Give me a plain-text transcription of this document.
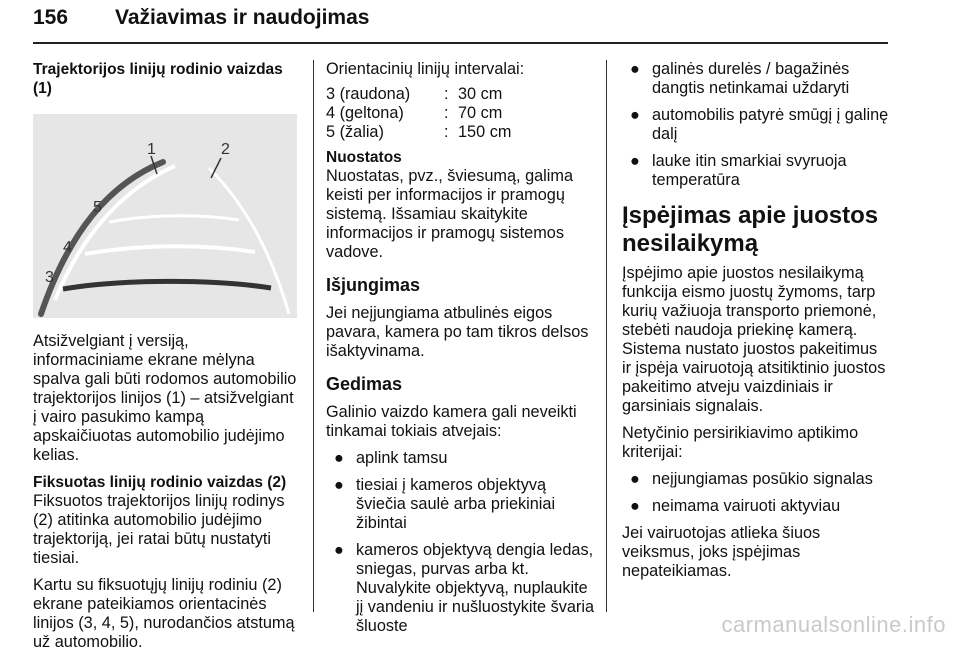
156 Važiavimas ir naudojimas

Trajektorijos linijų rodinio vaizdas (1)

1	2
3
4
5

Atsižvelgiant į versiją, informaciniame ekrane mėlyna spalva gali būti rodomos automobilio trajektorijos linijos (1) – atsižvelgiant į vairo pasukimo kampą apskaičiuotas automobilio judėjimo kelias.

Fiksuotas linijų rodinio vaizdas (2)

Fiksuotos trajektorijos linijų rodinys (2) atitinka automobilio judėjimo trajektoriją, jei ratai būtų nustatyti tiesiai.

Kartu su fiksuotųjų linijų rodiniu (2) ekrane pateikiamos orientacinės linijos (3, 4, 5), nurodančios atstumą už automobilio.

Orientacinių linijų intervalai:

3 (raudona)	:	30 cm
4 (geltona)	:	70 cm
5 (žalia)	:	150 cm

Nuostatos

Nuostatas, pvz., šviesumą, galima keisti per informacijos ir pramogų sistemą. Išsamiau skaitykite informacijos ir pramogų sistemos vadove.

Išjungimas

Jei neįjungiama atbulinės eigos pavara, kamera po tam tikros delsos išaktyvinama.

Gedimas

Galinio vaizdo kamera gali neveikti tinkamai tokiais atvejais:

● aplink tamsu
● tiesiai į kameros objektyvą šviečia saulė arba priekiniai žibintai
● kameros objektyvą dengia ledas, sniegas, purvas arba kt. Nuvalykite objektyvą, nuplaukite jį vandeniu ir nušluostykite švaria šluoste
● galinės durelės / bagažinės dangtis netinkamai uždaryti
● automobilis patyrė smūgį į galinę dalį
● lauke itin smarkiai svyruoja temperatūra

Įspėjimas apie juostos nesilaikymą

Įspėjimo apie juostos nesilaikymą funkcija eismo juostų žymoms, tarp kurių važiuoja transporto priemonė, stebėti naudoja priekinę kamerą. Sistema nustato juostos pakeitimus ir įspėja vairuotoją atsitiktinio juostos pakeitimo atveju vaizdiniais ir garsiniais signalais.

Netyčinio persirikiavimo aptikimo kriterijai:

● neįjungiamas posūkio signalas
● neimama vairuoti aktyviau

Jei vairuotojas atlieka šiuos veiksmus, joks įspėjimas nepateikiamas.

carmanualsonline.info
